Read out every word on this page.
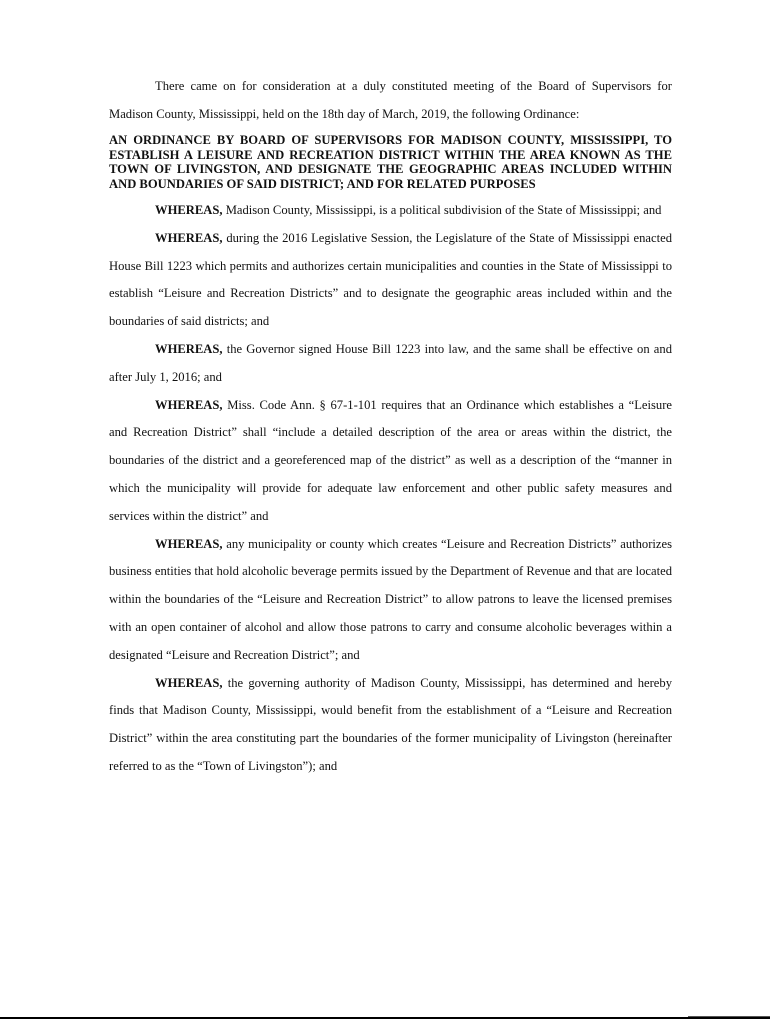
There came on for consideration at a duly constituted meeting of the Board of Supervisors for Madison County, Mississippi, held on the 18th day of March, 2019, the following Ordinance:

AN ORDINANCE BY BOARD OF SUPERVISORS FOR MADISON COUNTY, MISSISSIPPI, TO ESTABLISH A LEISURE AND RECREATION DISTRICT WITHIN THE AREA KNOWN AS THE TOWN OF LIVINGSTON, AND DESIGNATE THE GEOGRAPHIC AREAS INCLUDED WITHIN AND BOUNDARIES OF SAID DISTRICT; AND FOR RELATED PURPOSES

WHEREAS, Madison County, Mississippi, is a political subdivision of the State of Mississippi; and

WHEREAS, during the 2016 Legislative Session, the Legislature of the State of Mississippi enacted House Bill 1223 which permits and authorizes certain municipalities and counties in the State of Mississippi to establish “Leisure and Recreation Districts” and to designate the geographic areas included within and the boundaries of said districts; and

WHEREAS, the Governor signed House Bill 1223 into law, and the same shall be effective on and after July 1, 2016; and

WHEREAS, Miss. Code Ann. § 67-1-101 requires that an Ordinance which establishes a “Leisure and Recreation District” shall “include a detailed description of the area or areas within the district, the boundaries of the district and a georeferenced map of the district” as well as a description of the “manner in which the municipality will provide for adequate law enforcement and other public safety measures and services within the district” and

WHEREAS, any municipality or county which creates “Leisure and Recreation Districts” authorizes business entities that hold alcoholic beverage permits issued by the Department of Revenue and that are located within the boundaries of the “Leisure and Recreation District” to allow patrons to leave the licensed premises with an open container of alcohol and allow those patrons to carry and consume alcoholic beverages within a designated “Leisure and Recreation District”; and

WHEREAS, the governing authority of Madison County, Mississippi, has determined and hereby finds that Madison County, Mississippi, would benefit from the establishment of a “Leisure and Recreation District” within the area constituting part the boundaries of the former municipality of Livingston (hereinafter referred to as the “Town of Livingston”); and
